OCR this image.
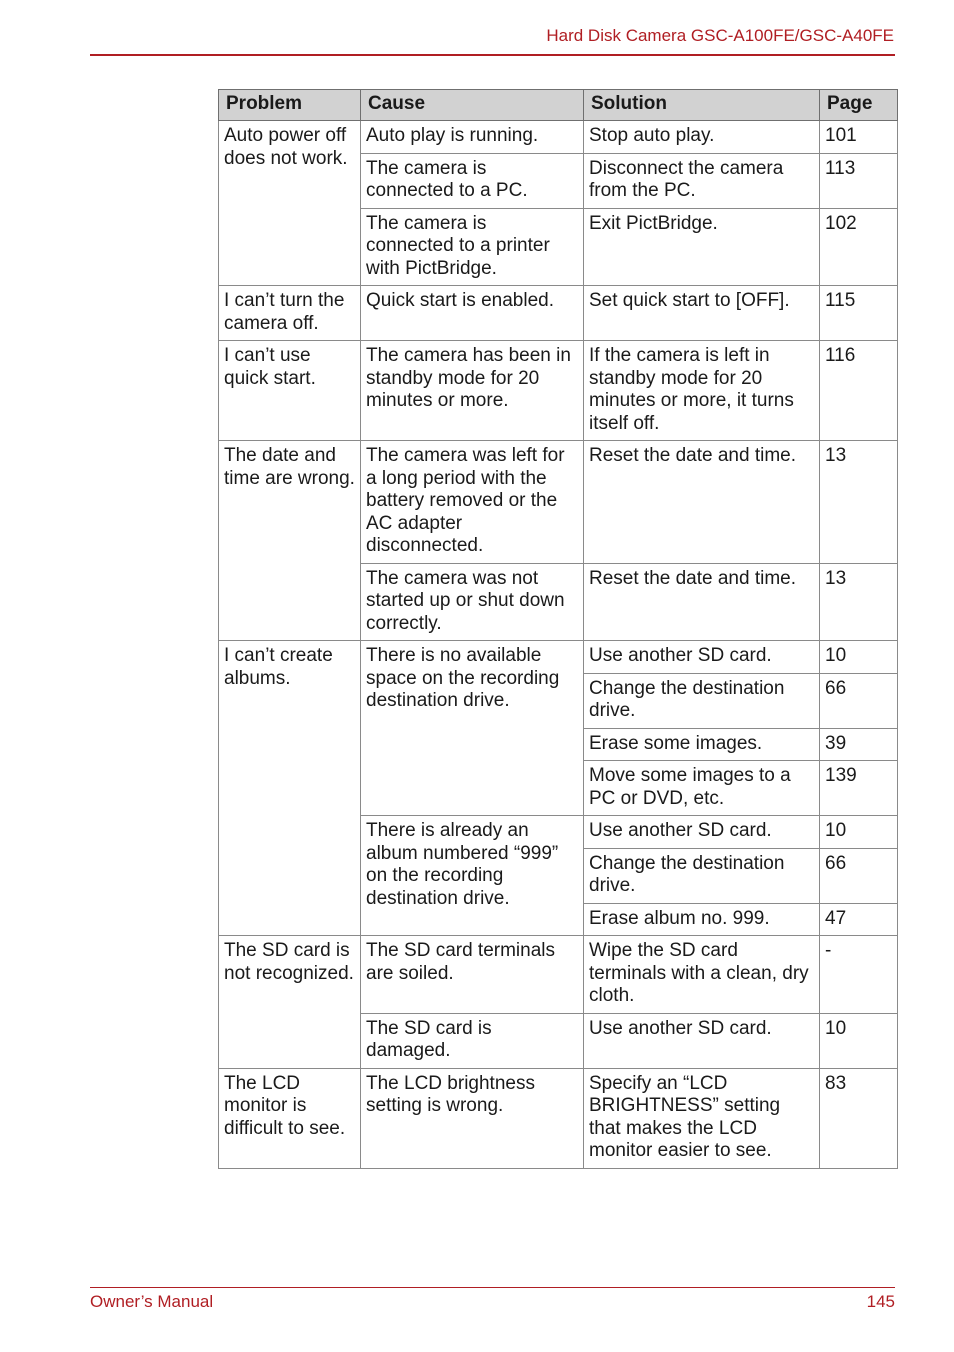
Hard Disk Camera GSC-A100FE/GSC-A40FE
Problem	Cause	Solution	Page
Auto power off does not work.	Auto play is running.	Stop auto play.	101
	The camera is connected to a PC.	Disconnect the camera from the PC.	113
	The camera is connected to a printer with PictBridge.	Exit PictBridge.	102
I can’t turn the camera off.	Quick start is enabled.	Set quick start to [OFF].	115
I can’t use quick start.	The camera has been in standby mode for 20 minutes or more.	If the camera is left in standby mode for 20 minutes or more, it turns itself off.	116
The date and time are wrong.	The camera was left for a long period with the battery removed or the AC adapter disconnected.	Reset the date and time.	13
	The camera was not started up or shut down correctly.	Reset the date and time.	13
I can’t create albums.	There is no available space on the recording destination drive.	Use another SD card.	10
		Change the destination drive.	66
		Erase some images.	39
		Move some images to a PC or DVD, etc.	139
	There is already an album numbered “999” on the recording destination drive.	Use another SD card.	10
		Change the destination drive.	66
		Erase album no. 999.	47
The SD card is not recognized.	The SD card terminals are soiled.	Wipe the SD card terminals with a clean, dry cloth.	-
	The SD card is damaged.	Use another SD card.	10
The LCD monitor is difficult to see.	The LCD brightness setting is wrong.	Specify an “LCD BRIGHTNESS” setting that makes the LCD monitor easier to see.	83
Owner’s Manual	145
